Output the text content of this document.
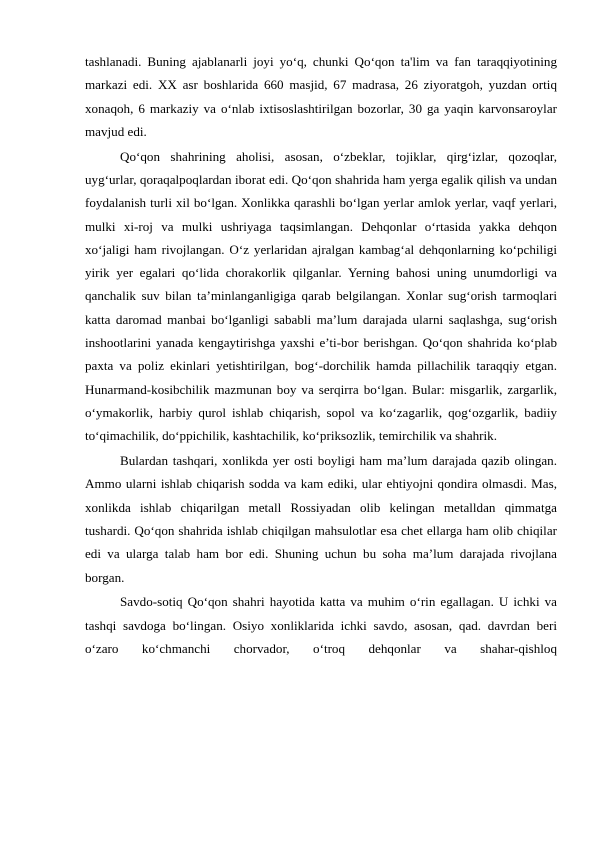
tashlanadi. Buning ajablanarli joyi yo‘q, chunki Qo‘qon ta'lim va fan taraqqiyotining markazi edi. XX asr boshlarida 660 masjid, 67 madrasa, 26 ziyoratgoh, yuzdan ortiq xonaqoh, 6 markaziy va o‘nlab ixtisoslashtirilgan bozorlar, 30 ga yaqin karvonsaroylar mavjud edi.

Qo‘qon shahrining aholisi, asosan, o‘zbeklar, tojiklar, qirg‘izlar, qozoqlar, uyg‘urlar, qoraqalpoqlardan iborat edi. Qo‘qon shahrida ham yerga egalik qilish va undan foydalanish turli xil bo‘lgan. Xonlikka qarashli bo‘lgan yerlar amlok yerlar, vaqf yerlari, mulki xi-roj va mulki ushriyaga taqsimlangan. Dehqonlar o‘rtasida yakka dehqon xo‘jaligi ham rivojlangan. O‘z yerlaridan ajralgan kambag‘al dehqonlarning ko‘pchiligi yirik yer egalari qo‘lida chorakorlik qilganlar. Yerning bahosi uning unumdorligi va qanchalik suv bilan ta’minlanganligiga qarab belgilangan. Xonlar sug‘orish tarmoqlari katta daromad manbai bo‘lganligi sababli ma’lum darajada ularni saqlashga, sug‘orish inshootlarini yanada kengaytirishga yaxshi e’ti-bor berishgan. Qo‘qon shahrida ko‘plab paxta va poliz ekinlari yetishtirilgan, bog‘-dorchilik hamda pillachilik taraqqiy etgan. Hunarmand-kosibchilik mazmunan boy va serqirra bo‘lgan. Bular: misgarlik, zargarlik, o‘ymakorlik, harbiy qurol ishlab chiqarish, sopol va ko‘zagarlik, qog‘ozgarlik, badiiy to‘qimachilik, do‘ppichilik, kashtachilik, ko‘priksozlik, temirchilik va shahrik.

Bulardan tashqari, xonlikda yer osti boyligi ham ma’lum darajada qazib olingan. Ammo ularni ishlab chiqarish sodda va kam ediki, ular ehtiyojni qondira olmasdi. Mas, xonlikda ishlab chiqarilgan metall Rossiyadan olib kelingan metalldan qimmatga tushardi. Qo‘qon shahrida ishlab chiqilgan mahsulotlar esa chet ellarga ham olib chiqilar edi va ularga talab ham bor edi. Shuning uchun bu soha ma’lum darajada rivojlana borgan.

Savdo-sotiq Qo‘qon shahri hayotida katta va muhim o‘rin egallagan. U ichki va tashqi savdoga bo‘lingan. Osiyo xonliklarida ichki savdo, asosan, qad. davrdan beri o‘zaro ko‘chmanchi chorvador, o‘troq dehqonlar va shahar-qishloq
